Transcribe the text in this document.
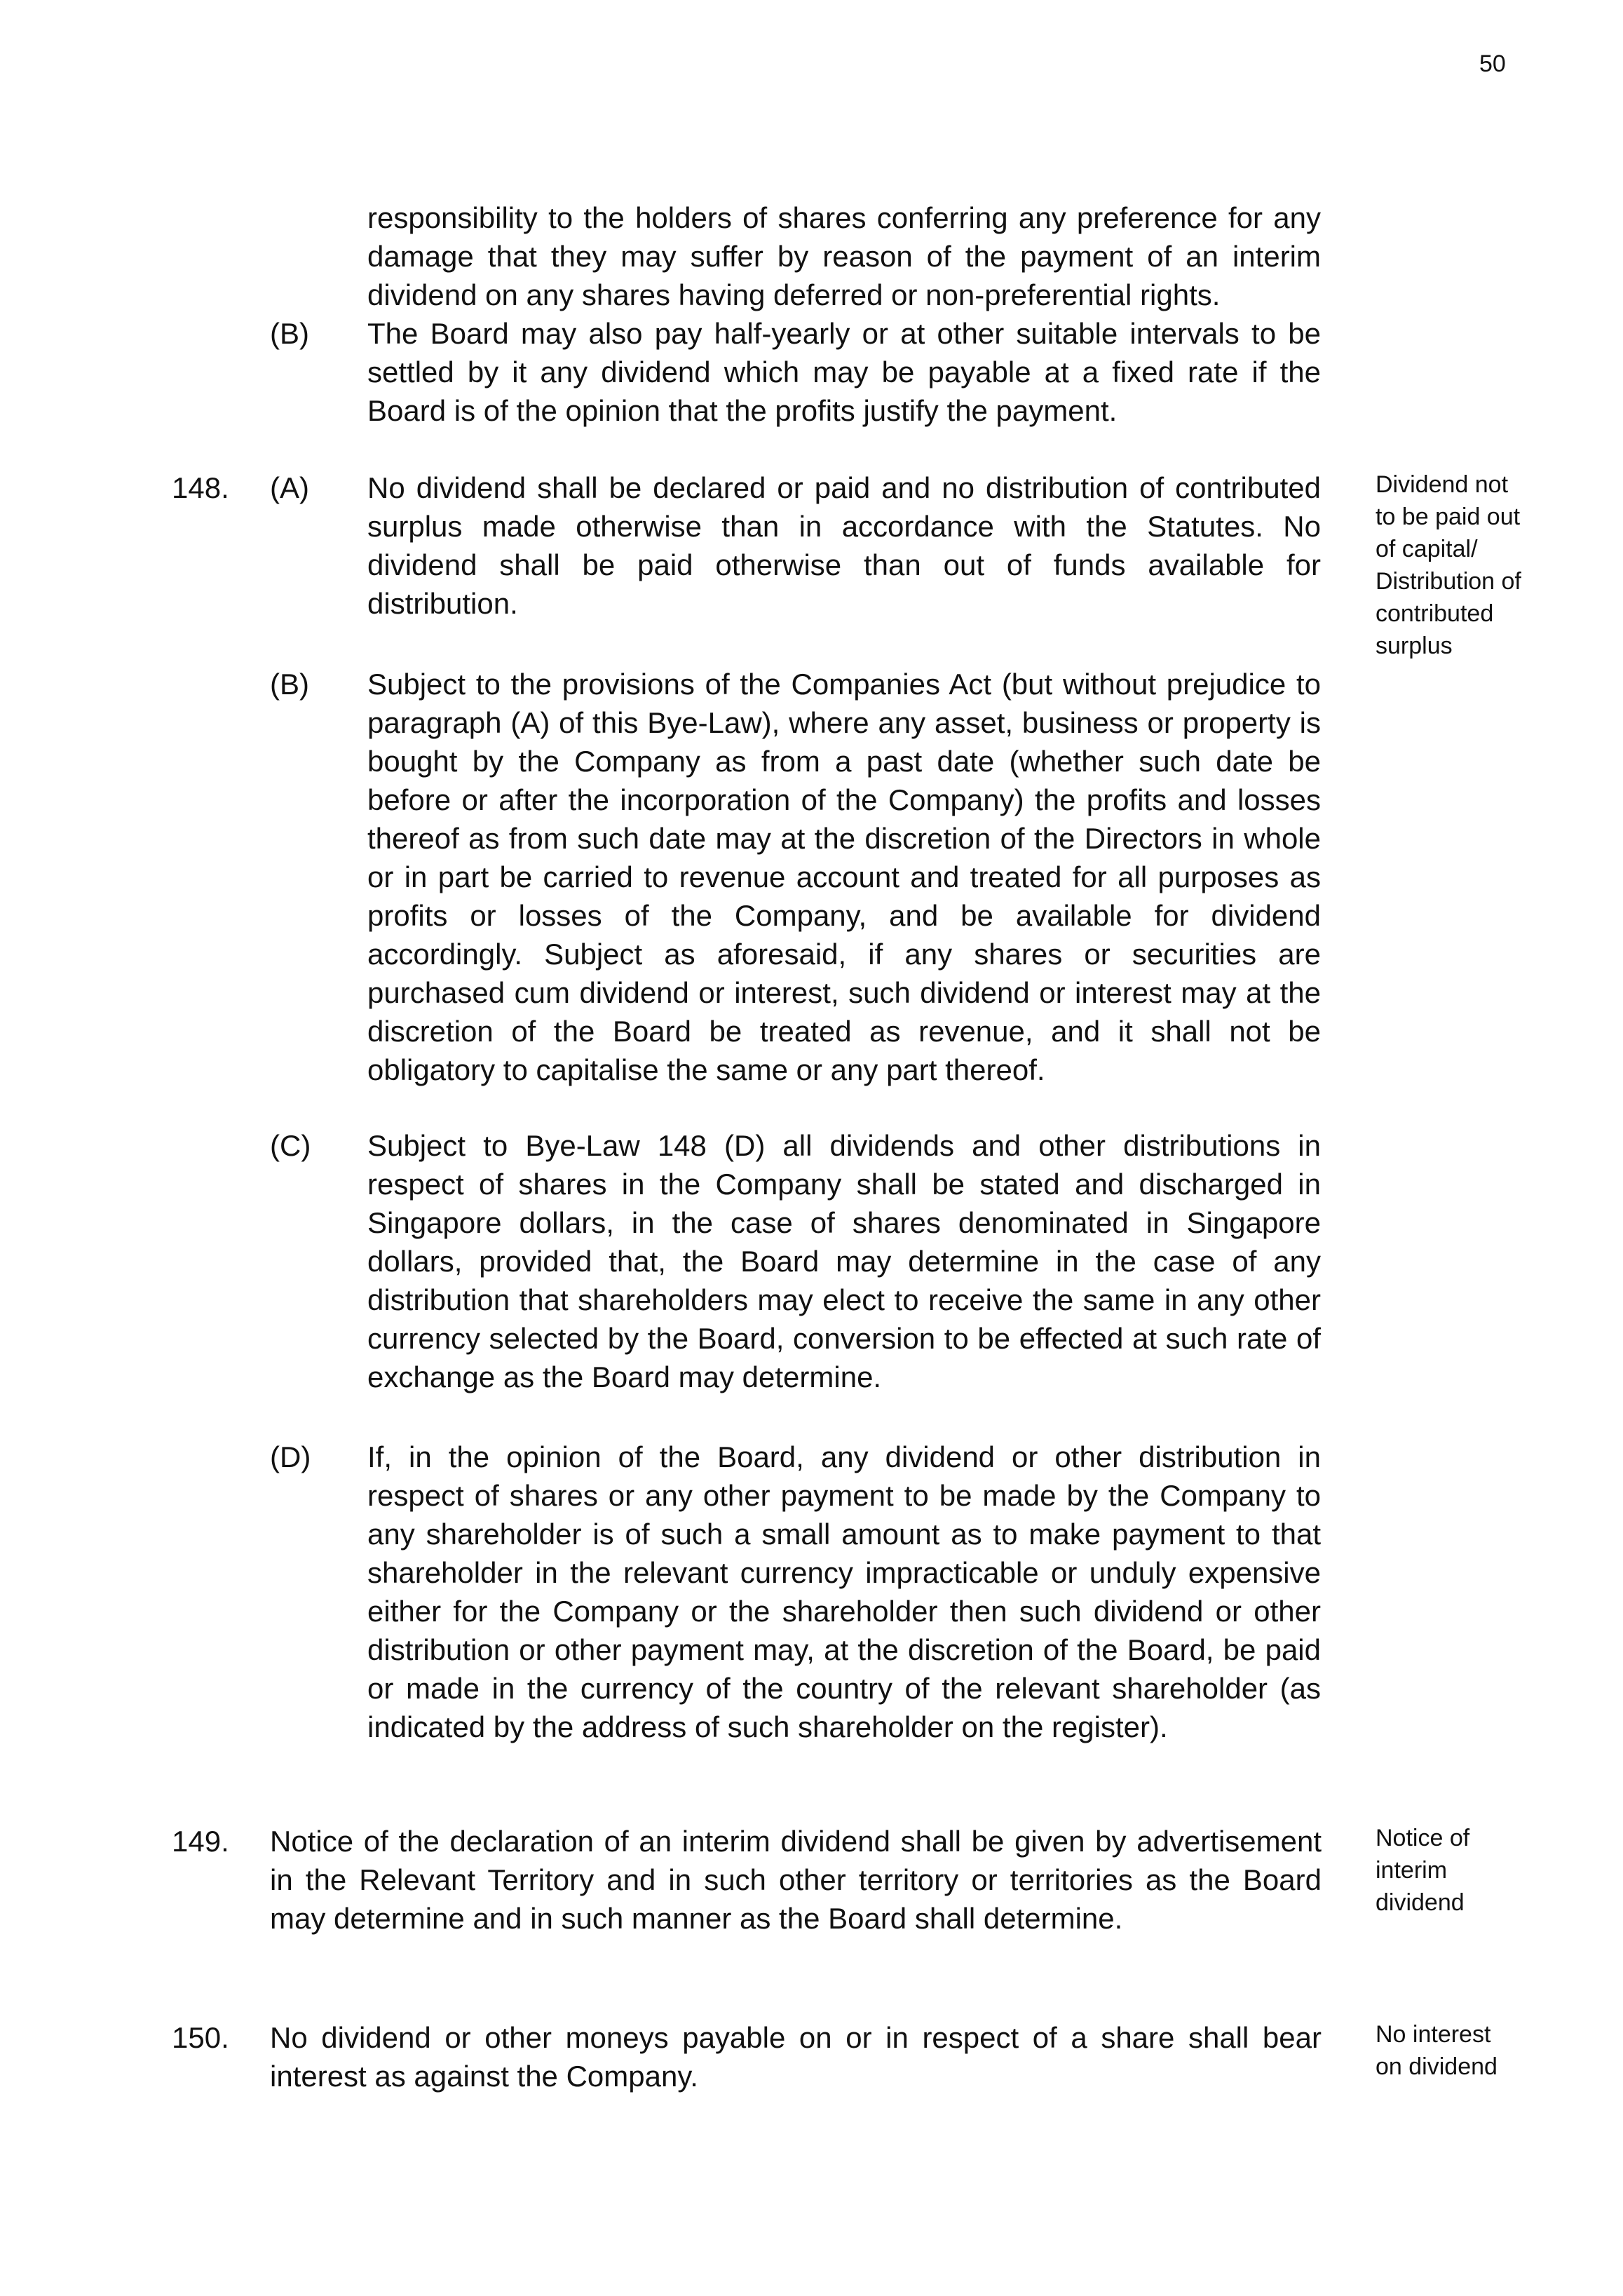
50
responsibility to the holders of shares conferring any preference for any damage that they may suffer by reason of the payment of an interim dividend on any shares having deferred or non-preferential rights.
(B) The Board may also pay half-yearly or at other suitable intervals to be settled by it any dividend which may be payable at a fixed rate if the Board is of the opinion that the profits justify the payment.
148. (A) No dividend shall be declared or paid and no distribution of contributed surplus made otherwise than in accordance with the Statutes. No dividend shall be paid otherwise than out of funds available for distribution.
Dividend not to be paid out of capital/ Distribution of contributed surplus
(B) Subject to the provisions of the Companies Act (but without prejudice to paragraph (A) of this Bye-Law), where any asset, business or property is bought by the Company as from a past date (whether such date be before or after the incorporation of the Company) the profits and losses thereof as from such date may at the discretion of the Directors in whole or in part be carried to revenue account and treated for all purposes as profits or losses of the Company, and be available for dividend accordingly. Subject as aforesaid, if any shares or securities are purchased cum dividend or interest, such dividend or interest may at the discretion of the Board be treated as revenue, and it shall not be obligatory to capitalise the same or any part thereof.
(C) Subject to Bye-Law 148 (D) all dividends and other distributions in respect of shares in the Company shall be stated and discharged in Singapore dollars, in the case of shares denominated in Singapore dollars, provided that, the Board may determine in the case of any distribution that shareholders may elect to receive the same in any other currency selected by the Board, conversion to be effected at such rate of exchange as the Board may determine.
(D) If, in the opinion of the Board, any dividend or other distribution in respect of shares or any other payment to be made by the Company to any shareholder is of such a small amount as to make payment to that shareholder in the relevant currency impracticable or unduly expensive either for the Company or the shareholder then such dividend or other distribution or other payment may, at the discretion of the Board, be paid or made in the currency of the country of the relevant shareholder (as indicated by the address of such shareholder on the register).
149. Notice of the declaration of an interim dividend shall be given by advertisement in the Relevant Territory and in such other territory or territories as the Board may determine and in such manner as the Board shall determine.
Notice of interim dividend
150. No dividend or other moneys payable on or in respect of a share shall bear interest as against the Company.
No interest on dividend
